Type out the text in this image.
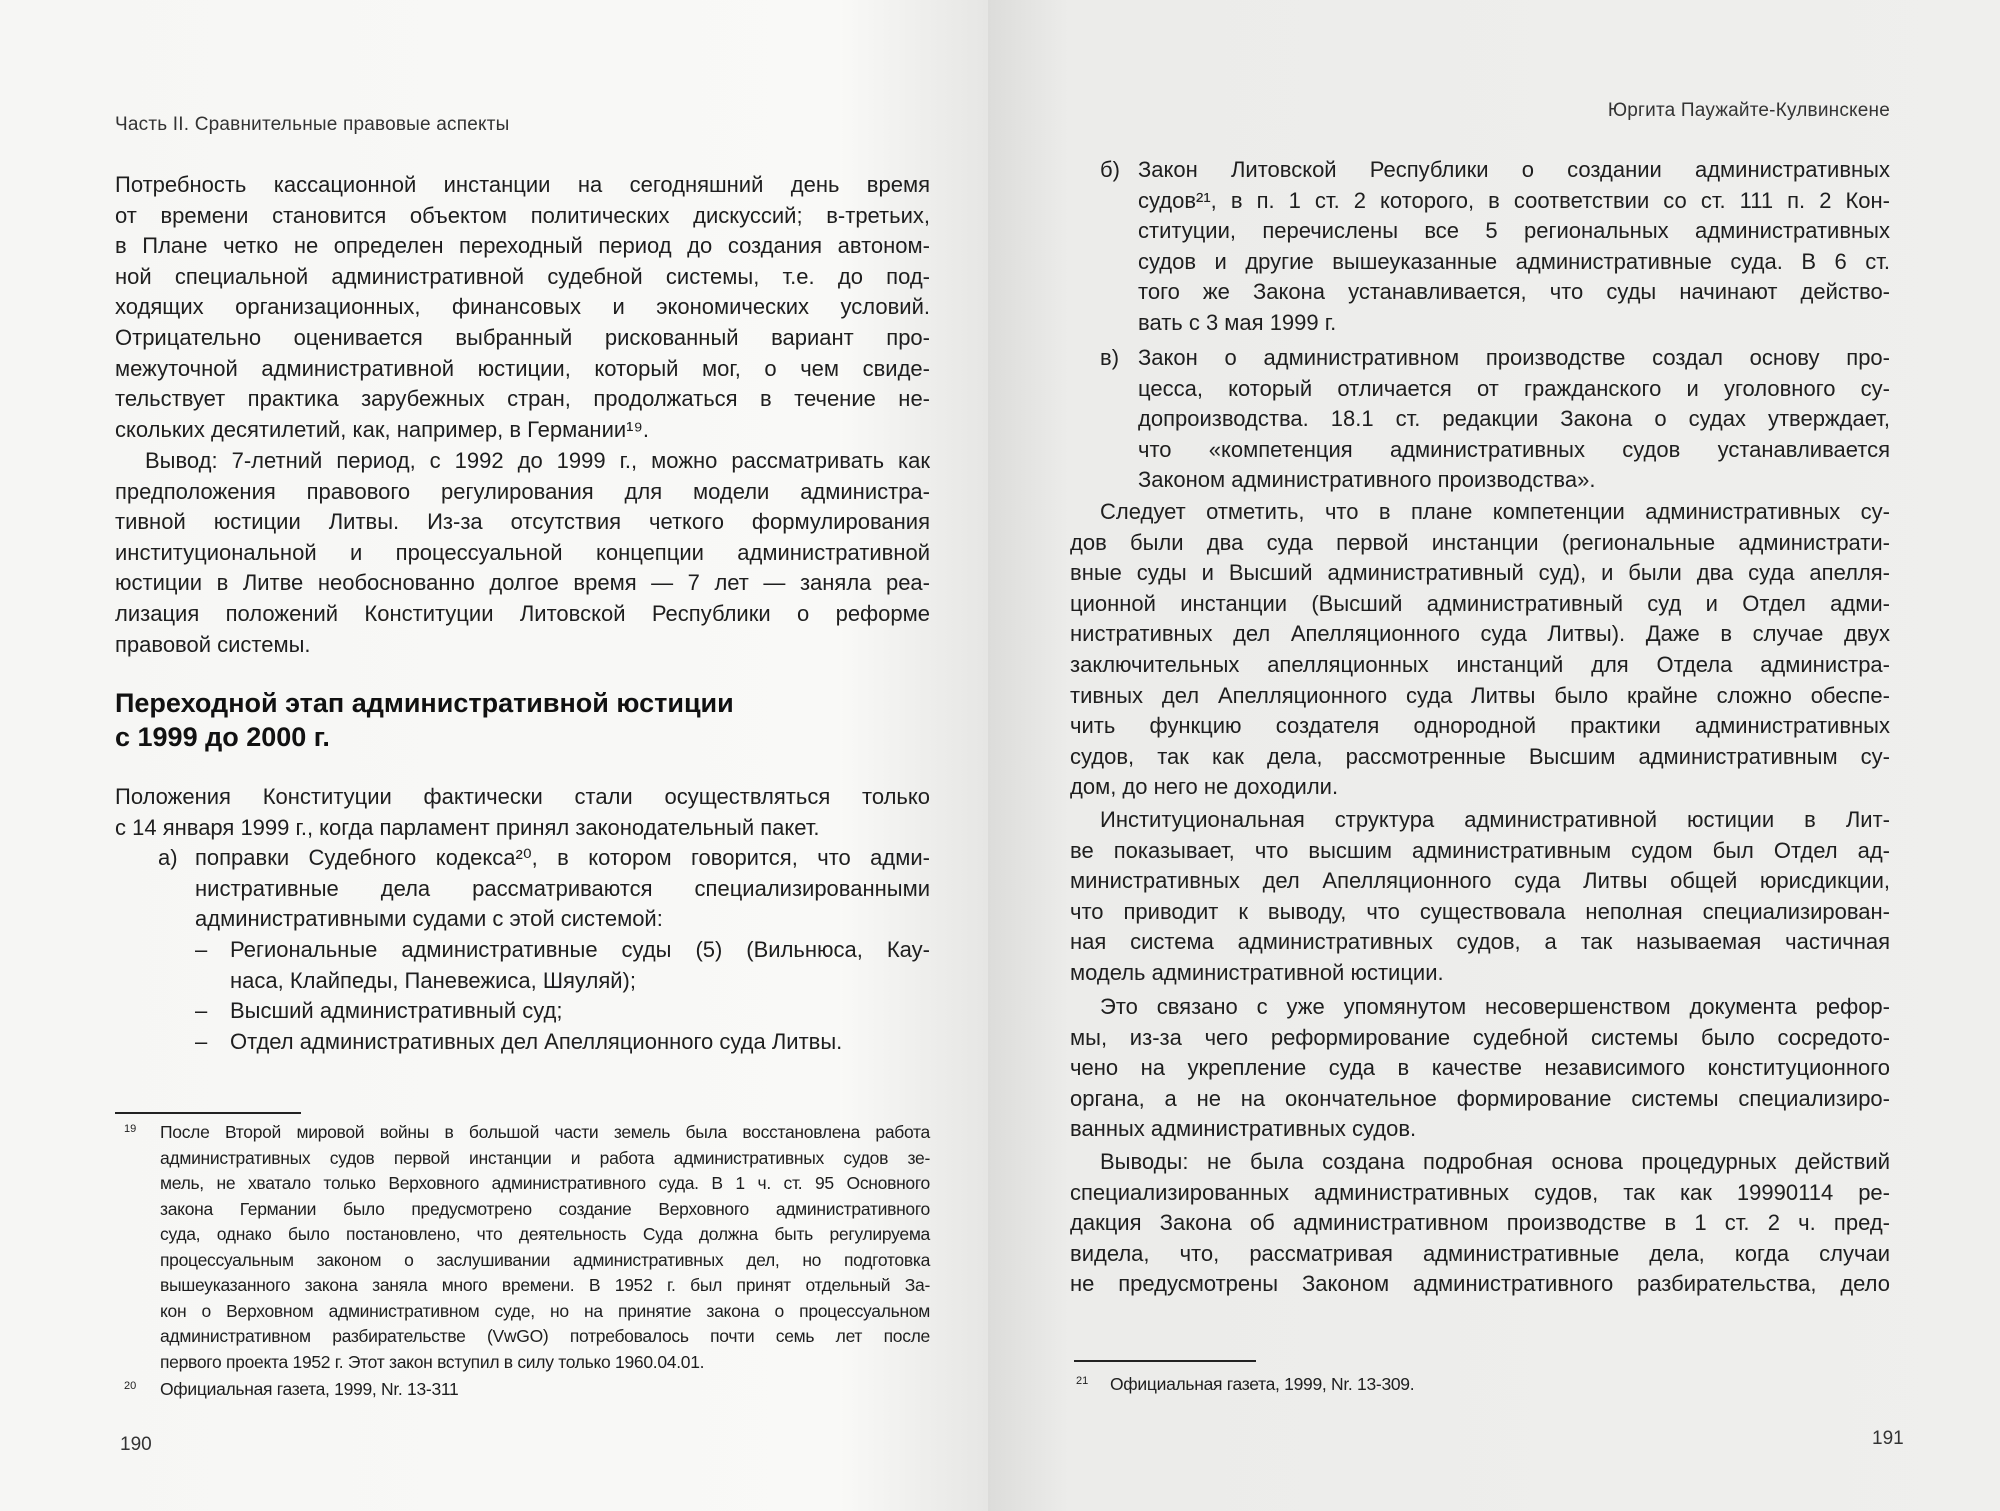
Часть II. Сравнительные правовые аспекты
Потребность кассационной инстанции на сегодняшний день время
от времени становится объектом политических дискуссий; в-третьих,
в Плане четко не определен переходный период до создания автоном-
ной специальной административной судебной системы, т.е. до под-
ходящих организационных, финансовых и экономических условий.
Отрицательно оценивается выбранный рискованный вариант про-
межуточной административной юстиции, который мог, о чем свиде-
тельствует практика зарубежных стран, продолжаться в течение не-
скольких десятилетий, как, например, в Германии¹⁹.
Вывод: 7-летний период, с 1992 до 1999 г., можно рассматривать как
предположения правового регулирования для модели администра-
тивной юстиции Литвы. Из-за отсутствия четкого формулирования
институциональной и процессуальной концепции административной
юстиции в Литве необоснованно долгое время — 7 лет — заняла реа-
лизация положений Конституции Литовской Республики о реформе
правовой системы.
Переходной этап административной юстиции
с 1999 до 2000 г.
Положения Конституции фактически стали осуществляться только
с 14 января 1999 г., когда парламент принял законодательный пакет.
а) поправки Судебного кодекса²⁰, в котором говорится, что адми-
нистративные дела рассматриваются специализированными
административными судами с этой системой:
– Региональные административные суды (5) (Вильнюса, Кау-
наса, Клайпеды, Паневежиса, Шяуляй);
– Высший административный суд;
– Отдел административных дел Апелляционного суда Литвы.
19 После Второй мировой войны в большой части земель была восстановлена работа
административных судов первой инстанции и работа административных судов зе-
мель, не хватало только Верховного административного суда. В 1 ч. ст. 95 Основного
закона Германии было предусмотрено создание Верховного административного
суда, однако было постановлено, что деятельность Суда должна быть регулируема
процессуальным законом о заслушивании административных дел, но подготовка
вышеуказанного закона заняла много времени. В 1952 г. был принят отдельный За-
кон о Верховном административном суде, но на принятие закона о процессуальном
административном разбирательстве (VwGO) потребовалось почти семь лет после
первого проекта 1952 г. Этот закон вступил в силу только 1960.04.01.
20 Официальная газета, 1999, Nr. 13-311
190
Юргита Паужайте-Кулвинскене
б) Закон Литовской Республики о создании административных
судов²¹, в п. 1 ст. 2 которого, в соответствии со ст. 111 п. 2 Кон-
ституции, перечислены все 5 региональных административных
судов и другие вышеуказанные административные суда. В 6 ст.
того же Закона устанавливается, что суды начинают действо-
вать с 3 мая 1999 г.
в) Закон о административном производстве создал основу про-
цесса, который отличается от гражданского и уголовного су-
допроизводства. 18.1 ст. редакции Закона о судах утверждает,
что «компетенция административных судов устанавливается
Законом административного производства».
Следует отметить, что в плане компетенции административных су-
дов были два суда первой инстанции (региональные администрати-
вные суды и Высший административный суд), и были два суда апелля-
ционной инстанции (Высший административный суд и Отдел адми-
нистративных дел Апелляционного суда Литвы). Даже в случае двух
заключительных апелляционных инстанций для Отдела администра-
тивных дел Апелляционного суда Литвы было крайне сложно обеспе-
чить функцию создателя однородной практики административных
судов, так как дела, рассмотренные Высшим административным су-
дом, до него не доходили.
Институциональная структура административной юстиции в Лит-
ве показывает, что высшим административным судом был Отдел ад-
министративных дел Апелляционного суда Литвы общей юрисдикции,
что приводит к выводу, что существовала неполная специализирован-
ная система административных судов, а так называемая частичная
модель административной юстиции.
Это связано с уже упомянутом несовершенством документа рефор-
мы, из-за чего реформирование судебной системы было сосредото-
чено на укрепление суда в качестве независимого конституционного
органа, а не на окончательное формирование системы специализиро-
ванных административных судов.
Выводы: не была создана подробная основа процедурных действий
специализированных административных судов, так как 19990114 ре-
дакция Закона об административном производстве в 1 ст. 2 ч. пред-
видела, что, рассматривая административные дела, когда случаи
не предусмотрены Законом административного разбирательства, дело
21 Официальная газета, 1999, Nr. 13-309.
191
